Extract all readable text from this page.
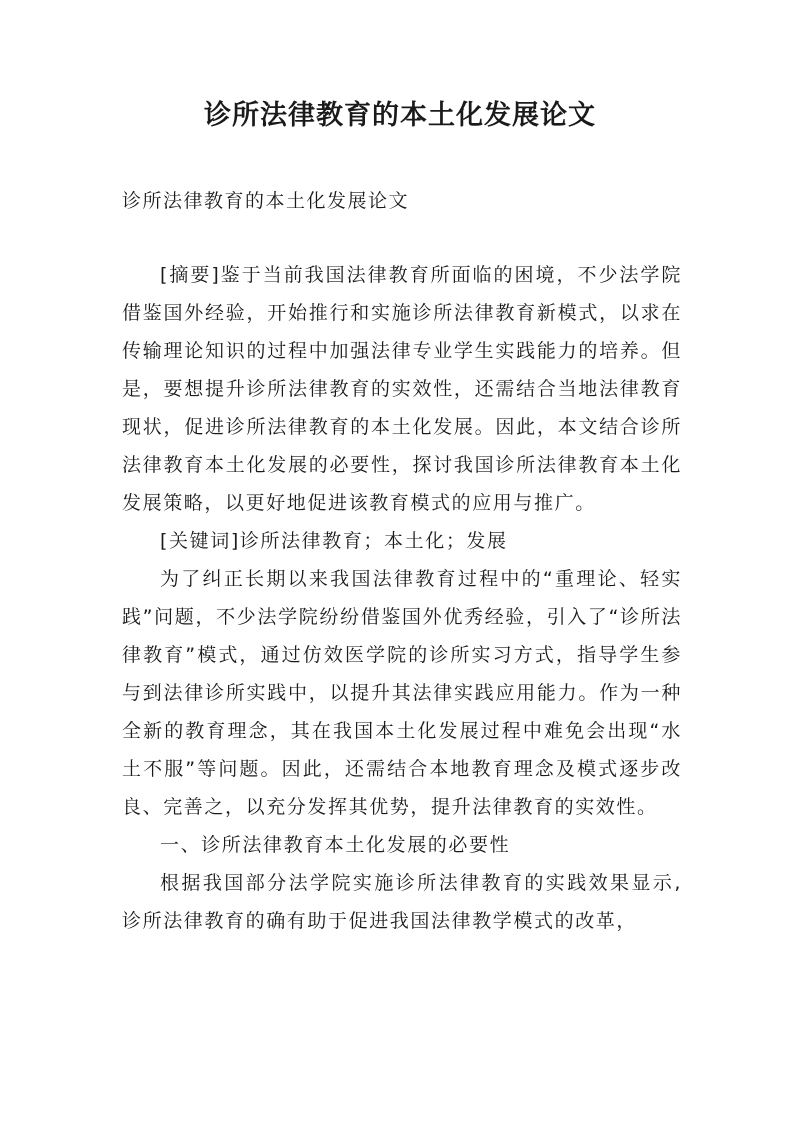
诊所法律教育的本土化发展论文

诊所法律教育的本土化发展论文

[摘要]鉴于当前我国法律教育所面临的困境，不少法学院借鉴国外经验，开始推行和实施诊所法律教育新模式，以求在传输理论知识的过程中加强法律专业学生实践能力的培养。但是，要想提升诊所法律教育的实效性，还需结合当地法律教育现状，促进诊所法律教育的本土化发展。因此，本文结合诊所法律教育本土化发展的必要性，探讨我国诊所法律教育本土化发展策略，以更好地促进该教育模式的应用与推广。

[关键词]诊所法律教育；本土化；发展

为了纠正长期以来我国法律教育过程中的“重理论、轻实践”问题，不少法学院纷纷借鉴国外优秀经验，引入了“诊所法律教育”模式，通过仿效医学院的诊所实习方式，指导学生参与到法律诊所实践中，以提升其法律实践应用能力。作为一种全新的教育理念，其在我国本土化发展过程中难免会出现“水土不服”等问题。因此，还需结合本地教育理念及模式逐步改良、完善之，以充分发挥其优势，提升法律教育的实效性。

一、诊所法律教育本土化发展的必要性

根据我国部分法学院实施诊所法律教育的实践效果显示,诊所法律教育的确有助于促进我国法律教学模式的改革，
